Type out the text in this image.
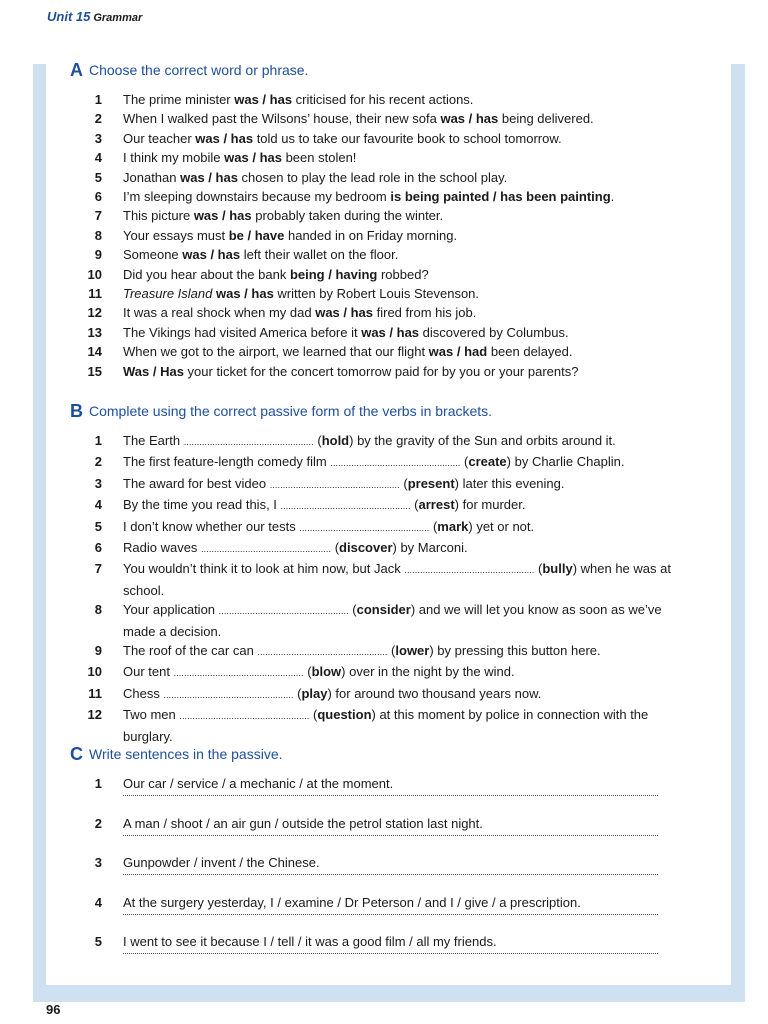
Unit 15 Grammar
A Choose the correct word or phrase.
1 The prime minister was / has criticised for his recent actions.
2 When I walked past the Wilsons’ house, their new sofa was / has being delivered.
3 Our teacher was / has told us to take our favourite book to school tomorrow.
4 I think my mobile was / has been stolen!
5 Jonathan was / has chosen to play the lead role in the school play.
6 I’m sleeping downstairs because my bedroom is being painted / has been painting.
7 This picture was / has probably taken during the winter.
8 Your essays must be / have handed in on Friday morning.
9 Someone was / has left their wallet on the floor.
10 Did you hear about the bank being / having robbed?
11 Treasure Island was / has written by Robert Louis Stevenson.
12 It was a real shock when my dad was / has fired from his job.
13 The Vikings had visited America before it was / has discovered by Columbus.
14 When we got to the airport, we learned that our flight was / had been delayed.
15 Was / Has your ticket for the concert tomorrow paid for by you or your parents?
B Complete using the correct passive form of the verbs in brackets.
1 The Earth .................................................. (hold) by the gravity of the Sun and orbits around it.
2 The first feature-length comedy film .................................................. (create) by Charlie Chaplin.
3 The award for best video .................................................. (present) later this evening.
4 By the time you read this, I .................................................. (arrest) for murder.
5 I don’t know whether our tests .................................................. (mark) yet or not.
6 Radio waves .................................................. (discover) by Marconi.
7 You wouldn’t think it to look at him now, but Jack .................................................. (bully) when he was at school.
8 Your application .................................................. (consider) and we will let you know as soon as we’ve made a decision.
9 The roof of the car can .................................................. (lower) by pressing this button here.
10 Our tent .................................................. (blow) over in the night by the wind.
11 Chess .................................................. (play) for around two thousand years now.
12 Two men .................................................. (question) at this moment by police in connection with the burglary.
C Write sentences in the passive.
1 Our car / service / a mechanic / at the moment.
2 A man / shoot / an air gun / outside the petrol station last night.
3 Gunpowder / invent / the Chinese.
4 At the surgery yesterday, I / examine / Dr Peterson / and I / give / a prescription.
5 I went to see it because I / tell / it was a good film / all my friends.
96
